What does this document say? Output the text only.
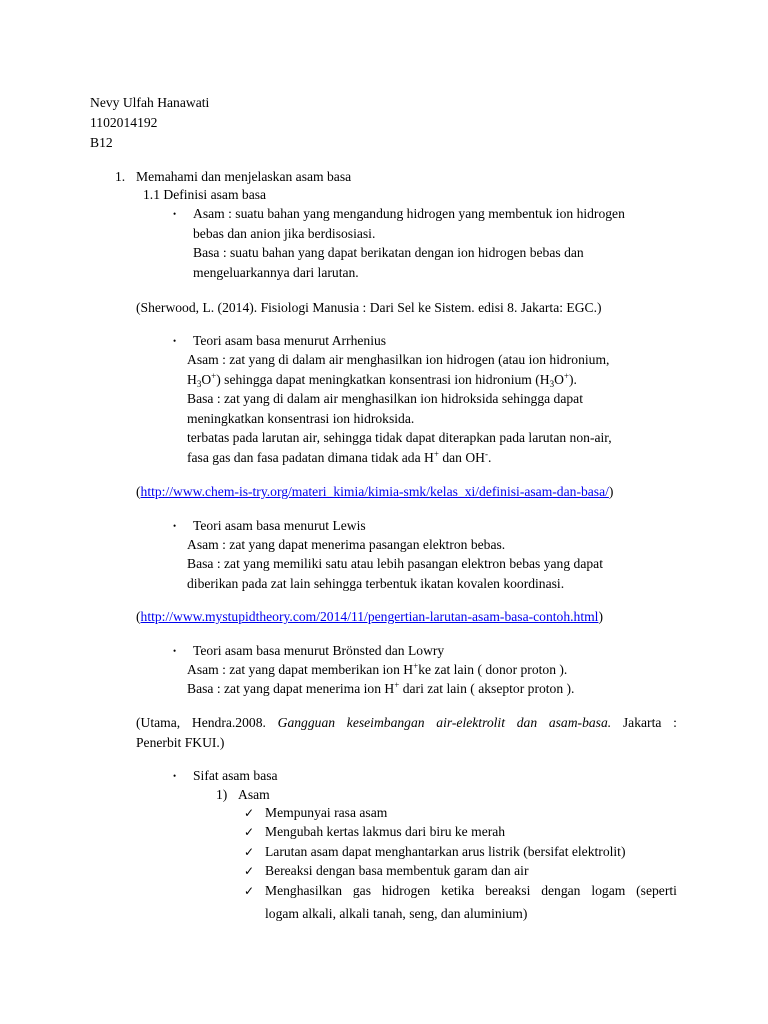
Nevy Ulfah Hanawati
1102014192
B12
1. Memahami dan menjelaskan asam basa
1.1 Definisi asam basa
• Asam : suatu bahan yang mengandung hidrogen yang membentuk ion hidrogen
bebas dan anion jika berdisosiasi.
Basa : suatu bahan yang dapat berikatan dengan ion hidrogen bebas dan
mengeluarkannya dari larutan.
(Sherwood, L. (2014). Fisiologi Manusia : Dari Sel ke Sistem. edisi 8. Jakarta: EGC.)
• Teori asam basa menurut Arrhenius
Asam : zat yang di dalam air menghasilkan ion hidrogen (atau ion hidronium,
$H_3O^+$) sehingga dapat meningkatkan konsentrasi ion hidronium $(H_3O^+)$.
Basa : zat yang di dalam air menghasilkan ion hidroksida sehingga dapat
meningkatkan konsentrasi ion hidroksida.
terbatas pada larutan air, sehingga tidak dapat diterapkan pada larutan non-air,
fasa gas dan fasa padatan dimana tidak ada H+ dan OH-.
(http://www.chem-is-try.org/materi_kimia/kimia-smk/kelas_xi/definisi-asam-dan-basa/)
• Teori asam basa menurut Lewis
Asam : zat yang dapat menerima pasangan elektron bebas.
Basa : zat yang memiliki satu atau lebih pasangan elektron bebas yang dapat
diberikan pada zat lain sehingga terbentuk ikatan kovalen koordinasi.
(http://www.mystupidtheory.com/2014/11/pengertian-larutan-asam-basa-contoh.html)
• Teori asam basa menurut Brönsted dan Lowry
Asam : zat yang dapat memberikan ion H+ke zat lain ( donor proton ).
Basa : zat yang dapat menerima ion H+ dari zat lain ( akseptor proton ).
(Utama, Hendra.2008. Gangguan keseimbangan air-elektrolit dan asam-basa. Jakarta :
Penerbit FKUI.)
• Sifat asam basa
1) Asam
✓ Mempunyai rasa asam
✓ Mengubah kertas lakmus dari biru ke merah
✓ Larutan asam dapat menghantarkan arus listrik (bersifat elektrolit)
✓ Bereaksi dengan basa membentuk garam dan air
✓ Menghasilkan gas hidrogen ketika bereaksi dengan logam (seperti
logam alkali, alkali tanah, seng, dan aluminium)
